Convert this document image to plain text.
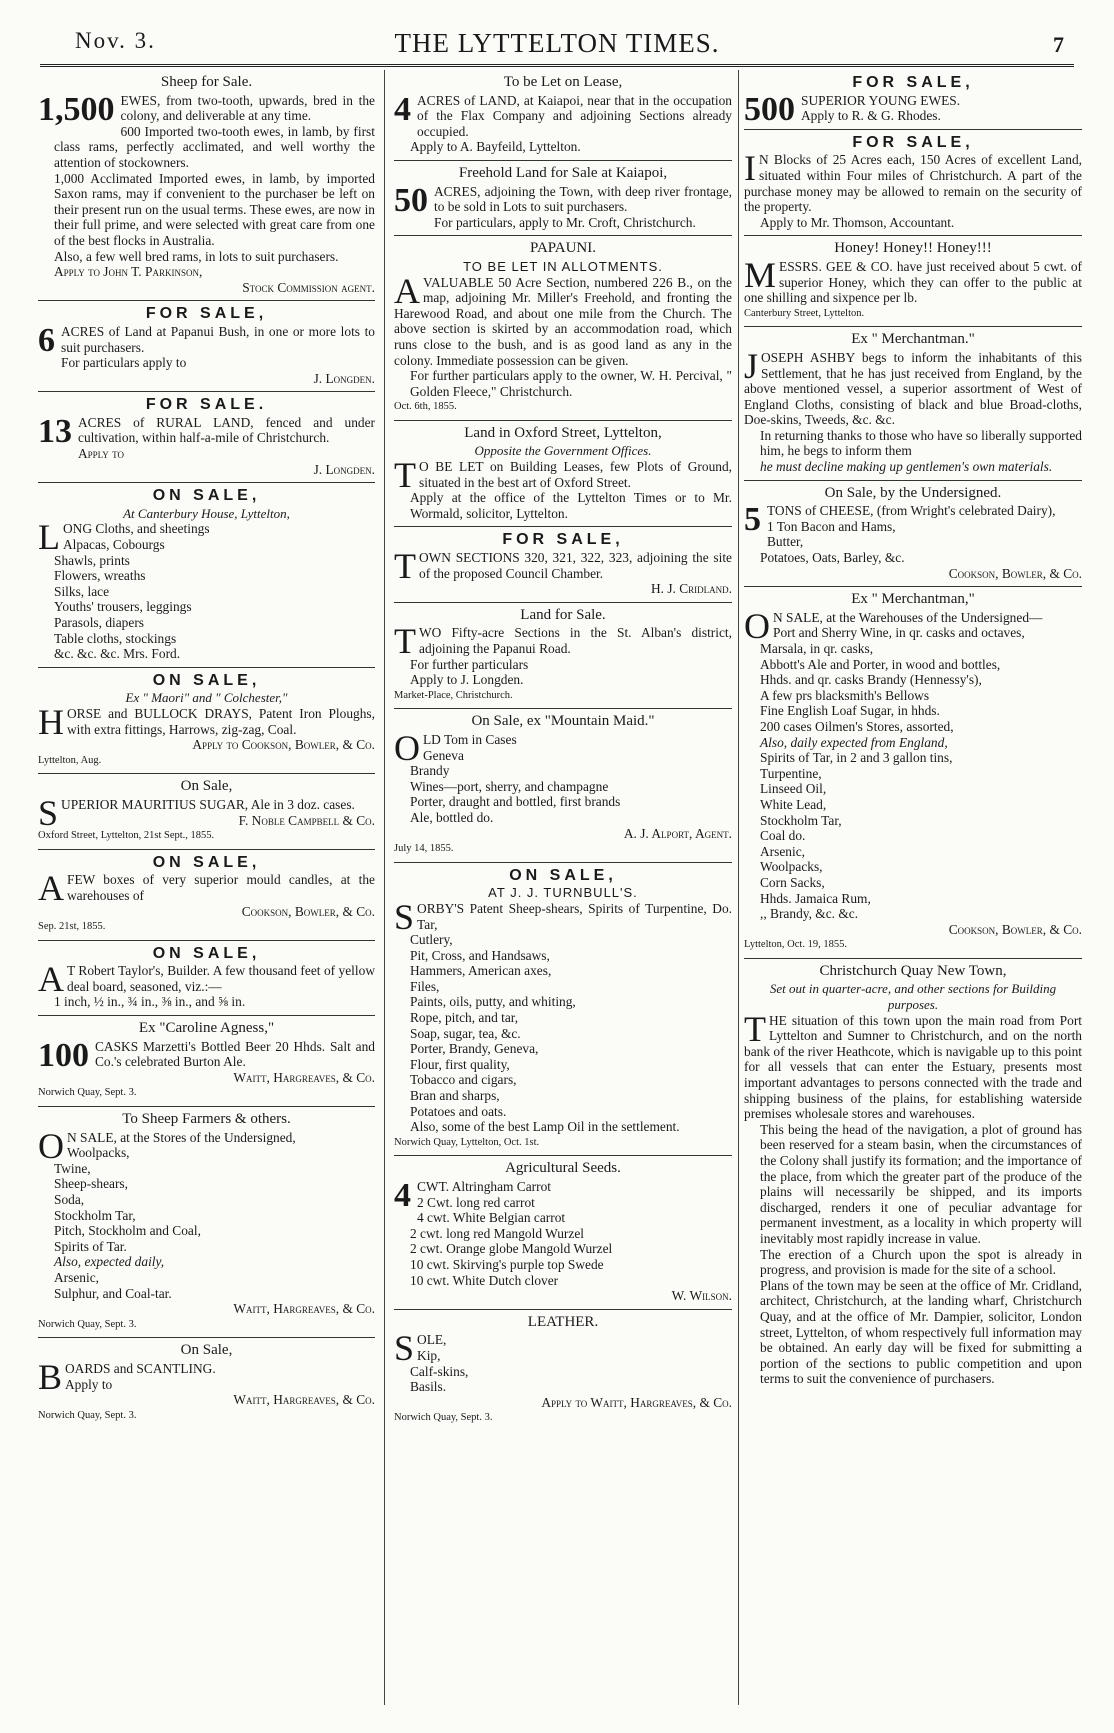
Nov. 3.	THE LYTTELTON TIMES.	7
Sheep for Sale.

1,500 EWES, from two-tooth, upwards, bred in the colony, and deliverable at any time.

600 Imported two-tooth ewes, in lamb, by first class rams, perfectly acclimated, and well worthy the attention of stockowners.

1,000 Acclimated Imported ewes, in lamb, by imported Saxon rams, may if convenient to the purchaser be left on their present run on the usual terms. These ewes, are now in their full prime, and were selected with great care from one of the best flocks in Australia.

Also, a few well bred rams, in lots to suit purchasers.

Apply to John T. Parkinson,
Stock Commission agent.
FOR SALE,

6 ACRES of Land at Papanui Bush, in one or more lots to suit purchasers.

For particulars apply to

J. Longden.
FOR SALE.

13 ACRES of RURAL LAND, fenced and under cultivation, within half-a-mile of Christchurch.

Apply to
J. Longden.
ON SALE,
At Canterbury House, Lyttelton,

LONG Cloths, and sheetings

Alpacas, Cobourgs
Shawls, prints
Flowers, wreaths
Silks, lace
Youths' trousers, leggings
Parasols, diapers
Table cloths, stockings
&c. &c. &c. Mrs. Ford.
ON SALE,
Ex " Maori" and " Colchester,"

HORSE and BULLOCK DRAYS, Patent Iron Ploughs, with extra fittings, Harrows, zig-zag, Coal.

Apply to Cookson, Bowler, & Co.
Lyttelton, Aug.
On Sale,

SUPERIOR MAURITIUS SUGAR, Ale in 3 doz. cases.

F. Noble Campbell & Co.
Oxford Street, Lyttelton, 21st Sept., 1855.
ON SALE,

AFEW boxes of very superior mould candles, at the warehouses of

Cookson, Bowler, & Co.
Sep. 21st, 1855.
ON SALE,

A T Robert Taylor's, Builder. A few thousand feet of yellow deal board, seasoned, viz.:—

1 inch, ½ in., ¾ in., ⅜ in., and ⅝ in.

Ex "Caroline Agness,"

100 CASKS Marzetti's Bottled Beer 20 Hhds. Salt and Co.'s celebrated Burton Ale.

Waitt, Hargreaves, & Co.
Norwich Quay, Sept. 3.
To Sheep Farmers & others.

O N SALE, at the Stores of the Undersigned,

Woolpacks,
Twine,
Sheep-shears,
Soda,
Stockholm Tar,
Pitch, Stockholm and Coal,
Spirits of Tar.
Also, expected daily,
Arsenic,
Sulphur, and Coal-tar.
Waitt, Hargreaves, & Co.
Norwich Quay, Sept. 3.
On Sale,

BOARDS and SCANTLING.

Apply to

Waitt, Hargreaves, & Co.
Norwich Quay, Sept. 3.
To be Let on Lease,

4 ACRES of LAND, at Kaiapoi, near that in the occupation of the Flax Company and adjoining Sections already occupied.

Apply to A. Bayfeild, Lyttelton.

Freehold Land for Sale at Kaiapoi,

50 ACRES, adjoining the Town, with deep river frontage, to be sold in Lots to suit purchasers.

For particulars, apply to Mr. Croft, Christchurch.

PAPAUNI.
TO BE LET IN ALLOTMENTS.

AVALUABLE 50 Acre Section, numbered 226 B., on the map, adjoining Mr. Miller's Freehold, and fronting the Harewood Road, and about one mile from the Church. The above section is skirted by an accommodation road, which runs close to the bush, and is as good land as any in the colony. Immediate possession can be given.

For further particulars apply to the owner, W. H. Percival, " Golden Fleece," Christchurch.

Oct. 6th, 1855.
Land in Oxford Street, Lyttelton,
Opposite the Government Offices.

T O BE LET on Building Leases, few Plots of Ground, situated in the best art of Oxford Street.

Apply at the office of the Lyttelton Times or to Mr. Wormald, solicitor, Lyttelton.

FOR SALE,

TOWN SECTIONS 320, 321, 322, 323, adjoining the site of the proposed Council Chamber.

H. J. Cridland.
Land for Sale.

TWO Fifty-acre Sections in the St. Alban's district, adjoining the Papanui Road.

For further particulars

Apply to J. Longden.

Market-Place, Christchurch.
On Sale, ex "Mountain Maid."

OLD Tom in Cases

Geneva
Brandy
Wines—port, sherry, and champagne
Porter, draught and bottled, first brands
Ale, bottled do.
A. J. Alport, Agent.
July 14, 1855.
ON SALE,
AT J. J. TURNBULL'S.

SORBY'S Patent Sheep-shears, Spirits of Turpentine, Do. Tar,

Cutlery,
Pit, Cross, and Handsaws,
Hammers, American axes,
Files,
Paints, oils, putty, and whiting,
Rope, pitch, and tar,
Soap, sugar, tea, &c.
Porter, Brandy, Geneva,
Flour, first quality,
Tobacco and cigars,
Bran and sharps,
Potatoes and oats.
Also, some of the best Lamp Oil in the settlement.
Norwich Quay, Lyttelton, Oct. 1st.
Agricultural Seeds.

4 CWT. Altringham Carrot

2 Cwt. long red carrot
4 cwt. White Belgian carrot
2 cwt. long red Mangold Wurzel
2 cwt. Orange globe Mangold Wurzel
10 cwt. Skirving's purple top Swede
10 cwt. White Dutch clover
W. Wilson.
LEATHER.

SOLE,

Kip,
Calf-skins,
Basils.
Apply to Waitt, Hargreaves, & Co.
Norwich Quay, Sept. 3.
FOR SALE,

500 SUPERIOR YOUNG EWES.

Apply to R. & G. Rhodes.

FOR SALE,

I N Blocks of 25 Acres each, 150 Acres of excellent Land, situated within Four miles of Christchurch. A part of the purchase money may be allowed to remain on the security of the property.

Apply to Mr. Thomson, Accountant.

Honey! Honey!! Honey!!!

MESSRS. GEE & CO. have just received about 5 cwt. of superior Honey, which they can offer to the public at one shilling and sixpence per lb.

Canterbury Street, Lyttelton.
Ex " Merchantman."

JOSEPH ASHBY begs to inform the inhabitants of this Settlement, that he has just received from England, by the above mentioned vessel, a superior assortment of West of England Cloths, consisting of black and blue Broad-cloths, Doe-skins, Tweeds, &c. &c.

In returning thanks to those who have so liberally supported him, he begs to inform them

he must decline making up gentlemen's own materials.
On Sale, by the Undersigned.

5 TONS of CHEESE, (from Wright's celebrated Dairy),

1 Ton Bacon and Hams,
Butter,
Potatoes, Oats, Barley, &c.
Cookson, Bowler, & Co.
Ex " Merchantman,"

O N SALE, at the Warehouses of the Undersigned—

Port and Sherry Wine, in qr. casks and octaves,
Marsala, in qr. casks,
Abbott's Ale and Porter, in wood and bottles,
Hhds. and qr. casks Brandy (Hennessy's),
A few prs blacksmith's Bellows
Fine English Loaf Sugar, in hhds.
200 cases Oilmen's Stores, assorted,
Also, daily expected from England,
Spirits of Tar, in 2 and 3 gallon tins,
Turpentine,
Linseed Oil,
White Lead,
Stockholm Tar,
Coal do.
Arsenic,
Woolpacks,
Corn Sacks,
Hhds. Jamaica Rum,
,, Brandy, &c. &c.
Cookson, Bowler, & Co.
Lyttelton, Oct. 19, 1855.
Christchurch Quay New Town,
Set out in quarter-acre, and other sections for Building purposes.

THE situation of this town upon the main road from Port Lyttelton and Sumner to Christchurch, and on the north bank of the river Heathcote, which is navigable up to this point for all vessels that can enter the Estuary, presents most important advantages to persons connected with the trade and shipping business of the plains, for establishing waterside premises wholesale stores and warehouses.

This being the head of the navigation, a plot of ground has been reserved for a steam basin, when the circumstances of the Colony shall justify its formation; and the importance of the place, from which the greater part of the produce of the plains will necessarily be shipped, and its imports discharged, renders it one of peculiar advantage for permanent investment, as a locality in which property will inevitably most rapidly increase in value.

The erection of a Church upon the spot is already in progress, and provision is made for the site of a school.

Plans of the town may be seen at the office of Mr. Cridland, architect, Christchurch, at the landing wharf, Christchurch Quay, and at the office of Mr. Dampier, solicitor, London street, Lyttelton, of whom respectively full information may be obtained. An early day will be fixed for submitting a portion of the sections to public competition and upon terms to suit the convenience of purchasers.
